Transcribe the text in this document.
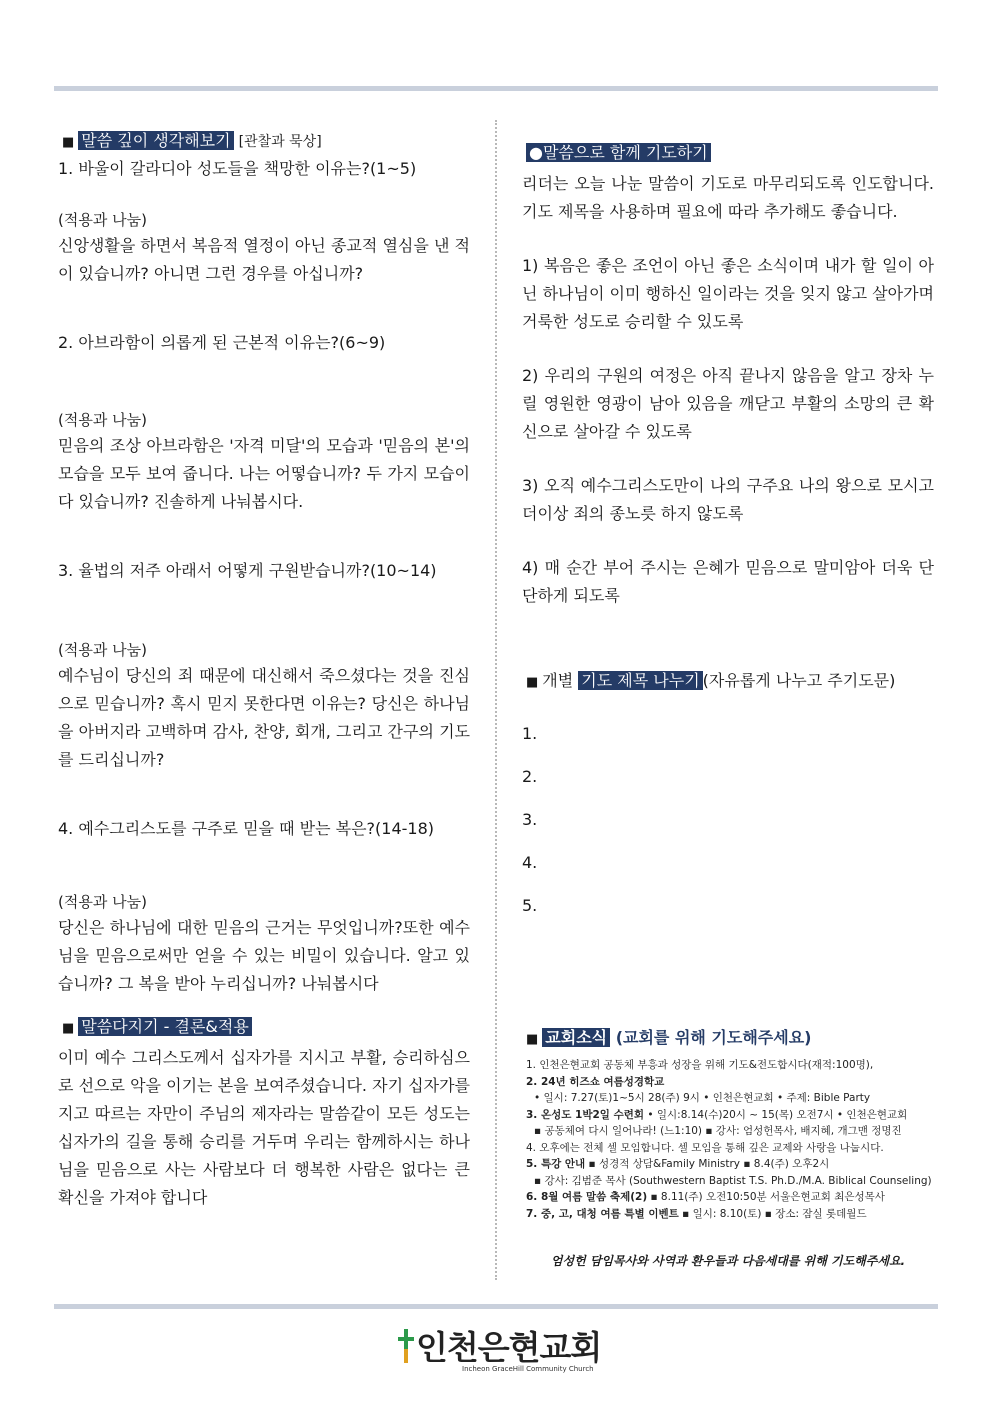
■ 말씀 깊이 생각해보기 [관찰과 묵상]

1. 바울이 갈라디아 성도들을 책망한 이유는?(1~5)

(적용과 나눔)

신앙생활을 하면서 복음적 열정이 아닌 종교적 열심을 낸 적이 있습니까? 아니면 그런 경우를 아십니까?

2. 아브라함이 의롭게 된 근본적 이유는?(6~9)

(적용과 나눔)

믿음의 조상 아브라함은 '자격 미달'의 모습과 '믿음의 본'의 모습을 모두 보여 줍니다. 나는 어떻습니까? 두 가지 모습이 다 있습니까? 진솔하게 나눠봅시다.

3. 율법의 저주 아래서 어떻게 구원받습니까?(10~14)

(적용과 나눔)

예수님이 당신의 죄 때문에 대신해서 죽으셨다는 것을 진심으로 믿습니까? 혹시 믿지 못한다면 이유는? 당신은 하나님을 아버지라 고백하며 감사, 찬양, 회개, 그리고 간구의 기도를 드리십니까?

4. 예수그리스도를 구주로 믿을 때 받는 복은?(14-18)

(적용과 나눔)

당신은 하나님에 대한 믿음의 근거는 무엇입니까?또한 예수님을 믿음으로써만 얻을 수 있는 비밀이 있습니다. 알고 있습니까? 그 복을 받아 누리십니까? 나눠봅시다

■ 말씀다지기 - 결론&적용

이미 예수 그리스도께서 십자가를 지시고 부활, 승리하심으로 선으로 악을 이기는 본을 보여주셨습니다. 자기 십자가를 지고 따르는 자만이 주님의 제자라는 말씀같이 모든 성도는 십자가의 길을 통해 승리를 거두며 우리는 함께하시는 하나님을 믿음으로 사는 사람보다 더 행복한 사람은 없다는 큰 확신을 가져야 합니다

●말씀으로 함께 기도하기

리더는 오늘 나눈 말씀이 기도로 마무리되도록 인도합니다. 기도 제목을 사용하며 필요에 따라 추가해도 좋습니다.

1) 복음은 좋은 조언이 아닌 좋은 소식이며 내가 할 일이 아닌 하나님이 이미 행하신 일이라는 것을 잊지 않고 살아가며 거룩한 성도로 승리할 수 있도록

2) 우리의 구원의 여정은 아직 끝나지 않음을 알고 장차 누릴 영원한 영광이 남아 있음을 깨닫고 부활의 소망의 큰 확신으로 살아갈 수 있도록

3) 오직 예수그리스도만이 나의 구주요 나의 왕으로 모시고 더이상 죄의 종노릇 하지 않도록

4) 매 순간 부어 주시는 은혜가 믿음으로 말미암아 더욱 단단하게 되도록

■ 개별 기도 제목 나누기 (자유롭게 나누고 주기도문)

1.
2.
3.
4.
5.

■ 교회소식 (교회를 위해 기도해주세요)

1. 인천은현교회 공동체 부흥과 성장을 위해 기도&전도합시다(재적:100명),
2. 24년 히즈쇼 여름성경학교
• 일시: 7.27(토)1~5시 28(주) 9시 • 인천은현교회 • 주제: Bible Party
3. 온성도 1박2일 수련회 • 일시:8.14(수)20시 ~ 15(목) 오전7시 • 인천은현교회
▪ 공동체여 다시 일어나라! (느1:10) ▪ 강사: 엄성헌목사, 배지혜, 개그맨 정명진
4. 오후에는 전체 셀 모임합니다. 셀 모임을 통해 깊은 교제와 사랑을 나눕시다.
5. 특강 안내 ▪ 성경적 상담&Family Ministry ▪ 8.4(주) 오후2시
▪ 강사: 김범준 목사 (Southwestern Baptist T.S. Ph.D./M.A. Biblical Counseling)
6. 8월 여름 말씀 축제(2) ▪ 8.11(주) 오전10:50분 서울은현교회 최은성목사
7. 중, 고, 대청 여름 특별 이벤트 ▪ 일시: 8.10(토) ▪ 장소: 잠실 롯데월드

엄성헌 담임목사와 사역과 환우들과 다음세대를 위해 기도해주세요.

인천은현교회
Incheon GraceHill Community Church
